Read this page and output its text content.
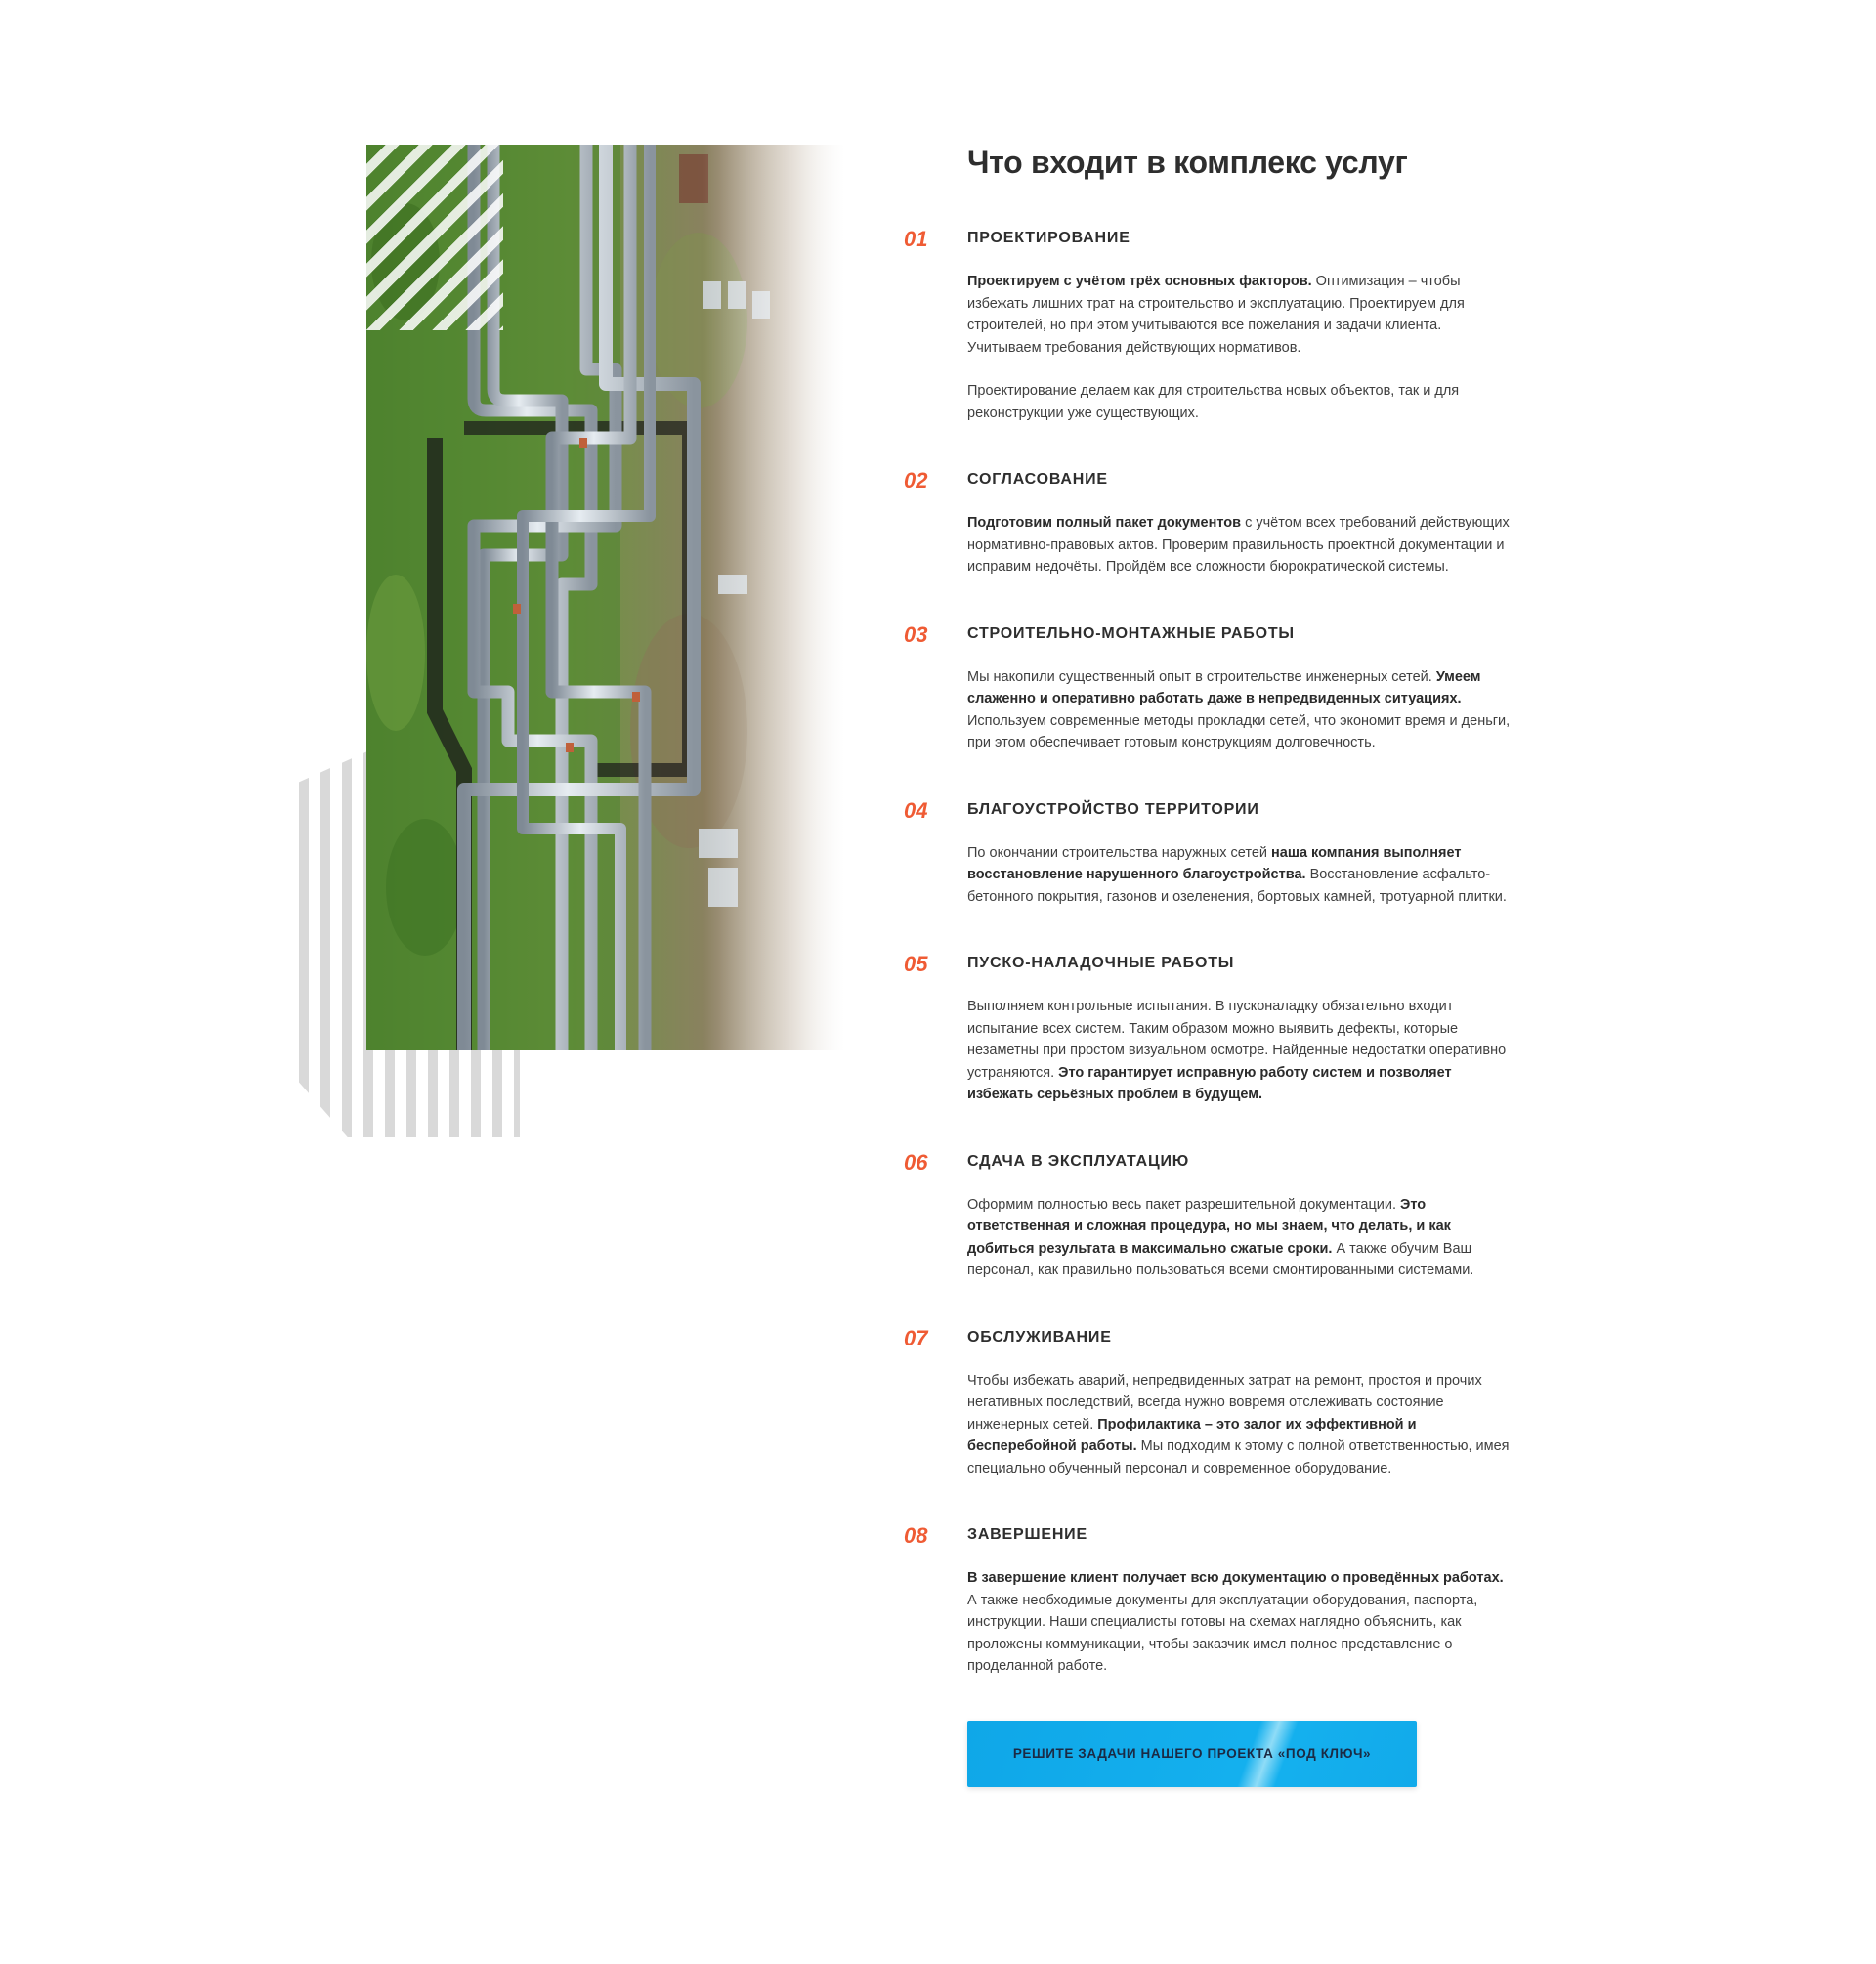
Что входит в комплекс услуг
01	ПРОЕКТИРОВАНИЕ

Проектируем с учётом трёх основных факторов. Оптимизация – чтобы избежать лишних трат на строительство и эксплуатацию. Проектируем для строителей, но при этом учитываются все пожелания и задачи клиента. Учитываем требования действующих нормативов.

Проектирование делаем как для строительства новых объектов, так и для реконструкции уже существующих.

02	СОГЛАСОВАНИЕ

Подготовим полный пакет документов с учётом всех требований действующих нормативно-правовых актов. Проверим правильность проектной документации и исправим недочёты. Пройдём все сложности бюрократической системы.

03	СТРОИТЕЛЬНО-МОНТАЖНЫЕ РАБОТЫ

Мы накопили существенный опыт в строительстве инженерных сетей. Умеем слаженно и оперативно работать даже в непредвиденных ситуациях. Используем современные методы прокладки сетей, что экономит время и деньги, при этом обеспечивает готовым конструкциям долговечность.

04	БЛАГОУСТРОЙСТВО ТЕРРИТОРИИ

По окончании строительства наружных сетей наша компания выполняет восстановление нарушенного благоустройства. Восстановление асфальто-бетонного покрытия, газонов и озеленения, бортовых камней, тротуарной плитки.

05	ПУСКО-НАЛАДОЧНЫЕ РАБОТЫ

Выполняем контрольные испытания. В пусконаладку обязательно входит испытание всех систем. Таким образом можно выявить дефекты, которые незаметны при простом визуальном осмотре. Найденные недостатки оперативно устраняются. Это гарантирует исправную работу систем и позволяет избежать серьёзных проблем в будущем.

06	СДАЧА В ЭКСПЛУАТАЦИЮ

Оформим полностью весь пакет разрешительной документации. Это ответственная и сложная процедура, но мы знаем, что делать, и как добиться результата в максимально сжатые сроки. А также обучим Ваш персонал, как правильно пользоваться всеми смонтированными системами.

07	ОБСЛУЖИВАНИЕ

Чтобы избежать аварий, непредвиденных затрат на ремонт, простоя и прочих негативных последствий, всегда нужно вовремя отслеживать состояние инженерных сетей. Профилактика – это залог их эффективной и бесперебойной работы. Мы подходим к этому с полной ответственностью, имея специально обученный персонал и современное оборудование.

08	ЗАВЕРШЕНИЕ

В завершение клиент получает всю документацию о проведённых работах. А также необходимые документы для эксплуатации оборудования, паспорта, инструкции. Наши специалисты готовы на схемах наглядно объяснить, как проложены коммуникации, чтобы заказчик имел полное представление о проделанной работе.

РЕШИТЕ ЗАДАЧИ НАШЕГО ПРОЕКТА «ПОД КЛЮЧ»
